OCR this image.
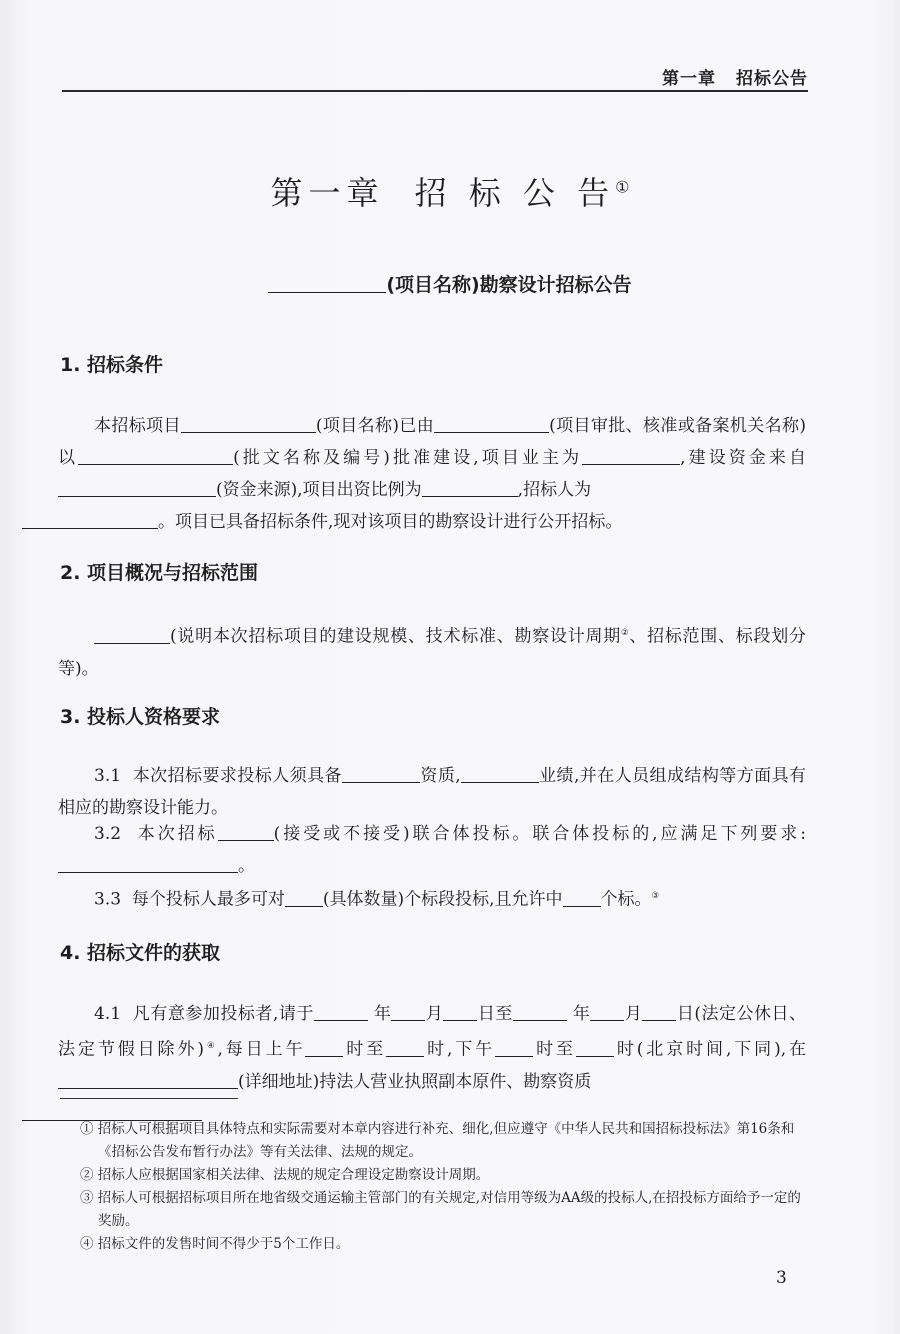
第一章 招标公告
第一章 招 标 公 告①
(项目名称)勘察设计招标公告
1. 招标条件
本招标项目	(项目名称)已由	(项目审批、核准或备案机关名称)以	(批文名称及编号)批准建设,项目业主为	,建设资金来自(资金来源),项目出资比例为	,招标人为
。项目已具备招标条件,现对该项目的勘察设计进行公开招标。
2. 项目概况与招标范围
(说明本次招标项目的建设规模、技术标准、勘察设计周期②、招标范围、标段划分等)。
3. 投标人资格要求
3.1 本次招标要求投标人须具备	资质,	业绩,并在人员组成结构等方面具有相应的勘察设计能力。
3.2 本次招标	(接受或不接受)联合体投标。联合体投标的,应满足下列要求:。
3.3 每个投标人最多可对 (具体数量)个标段投标,且允许中 个标。③
4. 招标文件的获取
4.1 凡有意参加投标者,请于	年 月 日至	年 月 日(法定公休日、法定节假日除外)④,每日上午 时至 时,下午 时至 时(北京时间,下同),在(详细地址)持法人营业执照副本原件、勘察资质

① 招标人可根据项目具体特点和实际需要对本章内容进行补充、细化,但应遵守《中华人民共和国招标投标法》第16条和《招标公告发布暂行办法》等有关法律、法规的规定。
② 招标人应根据国家相关法律、法规的规定合理设定勘察设计周期。
③ 招标人可根据招标项目所在地省级交通运输主管部门的有关规定,对信用等级为AA级的投标人,在招投标方面给予一定的奖励。
④ 招标文件的发售时间不得少于5个工作日。
3
